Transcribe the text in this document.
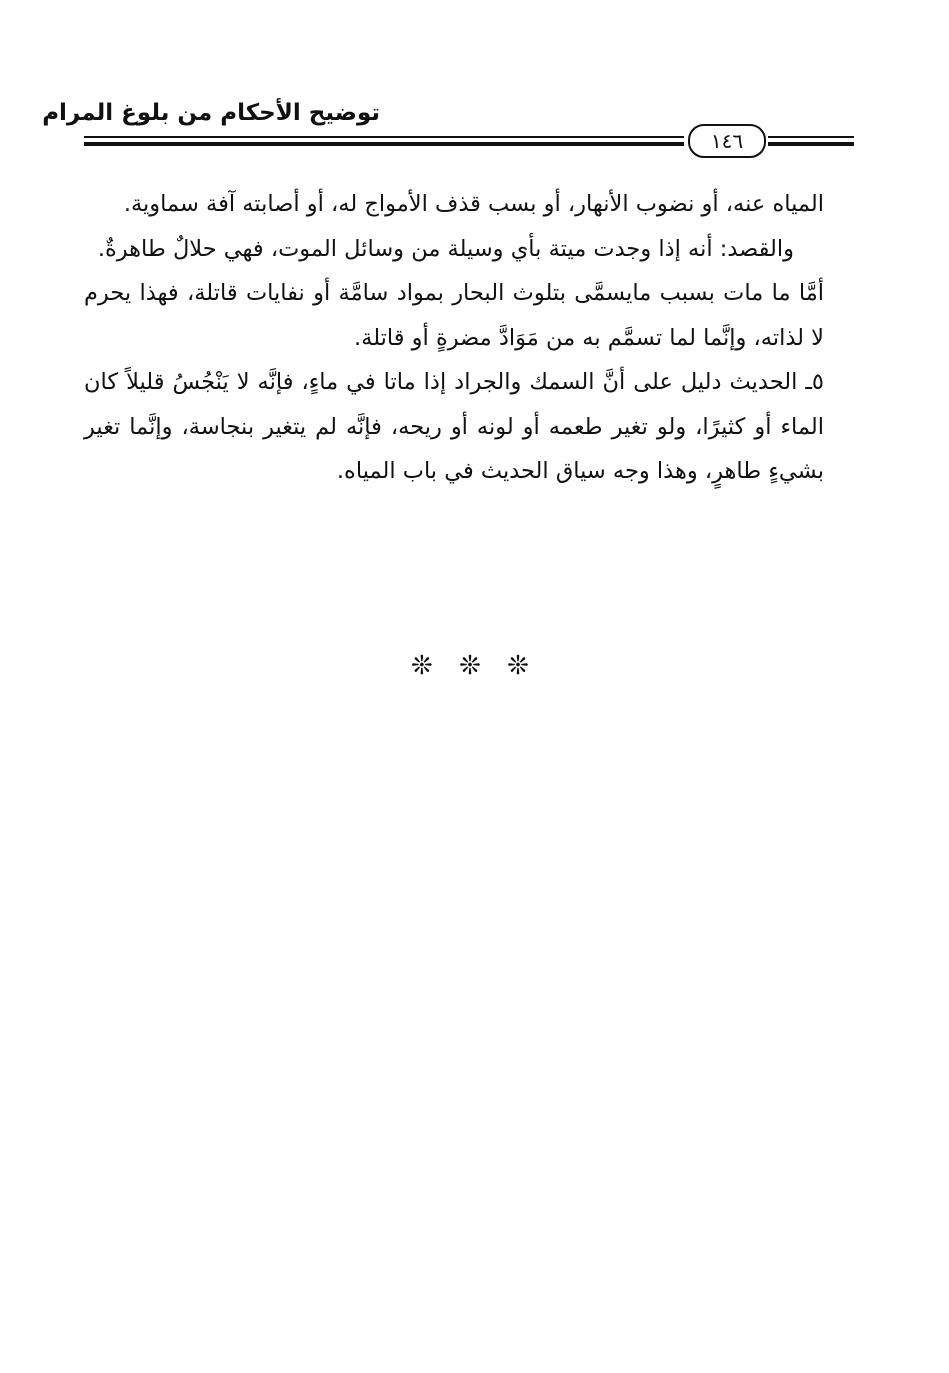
توضيح الأحكام من بلوغ المرام
١٤٦

المياه عنه، أو نضوب الأنهار، أو بسب قذف الأمواج له، أو أصابته آفة سماوية.

والقصد: أنه إذا وجدت ميتة بأي وسيلة من وسائل الموت، فهي حلالٌ طاهرةٌ.

أمَّا ما مات بسبب مايسمَّى بتلوث البحار بمواد سامَّة أو نفايات قاتلة، فهذا يحرم لا لذاته، وإنَّما لما تسمَّم به من مَوَادَّ مضرةٍ أو قاتلة.

٥ـ الحديث دليل على أنَّ السمك والجراد إذا ماتا في ماءٍ، فإنَّه لا يَنْجُسُ قليلاً كان الماء أو كثيرًا، ولو تغير طعمه أو لونه أو ريحه، فإنَّه لم يتغير بنجاسة، وإنَّما تغير بشيءٍ طاهرٍ، وهذا وجه سياق الحديث في باب المياه.

❊ ❊ ❊
